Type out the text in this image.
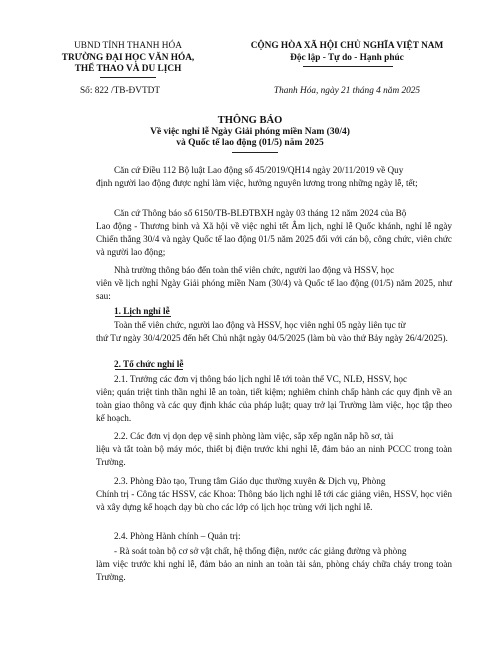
UBND TỈNH THANH HÓA
TRƯỜNG ĐẠI HỌC VĂN HÓA,
THỂ THAO VÀ DU LỊCH
Số: 822 /TB-ĐVTDT
CỘNG HÒA XÃ HỘI CHỦ NGHĨA VIỆT NAM
Độc lập - Tự do - Hạnh phúc
Thanh Hóa, ngày 21 tháng 4 năm 2025
THÔNG BÁO
Về việc nghỉ lễ Ngày Giải phóng miền Nam (30/4)
và Quốc tế lao động (01/5) năm 2025
Căn cứ Điều 112 Bộ luật Lao động số 45/2019/QH14 ngày 20/11/2019 về Quy
định người lao động được nghỉ làm việc, hưởng nguyên lương trong những ngày lễ, tết;
Căn cứ Thông báo số 6150/TB-BLĐTBXH ngày 03 tháng 12 năm 2024 của Bộ
Lao động - Thương binh và Xã hội về việc nghỉ tết Âm lịch, nghỉ lễ Quốc khánh, nghỉ lễ ngày Chiến thắng 30/4 và ngày Quốc tế lao động 01/5 năm 2025 đối với cán bộ, công chức, viên chức và người lao động;
Nhà trường thông báo đến toàn thể viên chức, người lao động và HSSV, học
viên về lịch nghỉ Ngày Giải phóng miền Nam (30/4) và Quốc tế lao động (01/5) năm 2025, như sau:
1. Lịch nghỉ lễ
Toàn thể viên chức, người lao động và HSSV, học viên nghỉ 05 ngày liên tục từ
thứ Tư ngày 30/4/2025 đến hết Chủ nhật ngày 04/5/2025 (làm bù vào thứ Bảy ngày 26/4/2025).
2. Tổ chức nghỉ lễ
2.1. Trưởng các đơn vị thông báo lịch nghỉ lễ tới toàn thể VC, NLĐ, HSSV, học
viên; quán triệt tinh thần nghỉ lễ an toàn, tiết kiệm; nghiêm chỉnh chấp hành các quy định về an toàn giao thông và các quy định khác của pháp luật; quay trở lại Trường làm việc, học tập theo kế hoạch.
2.2. Các đơn vị dọn dẹp vệ sinh phòng làm việc, sắp xếp ngăn nắp hồ sơ, tài
liệu và tắt toàn bộ máy móc, thiết bị điện trước khi nghỉ lễ, đảm bảo an ninh PCCC trong toàn Trường.
2.3. Phòng Đào tạo, Trung tâm Giáo dục thường xuyên & Dịch vụ, Phòng
Chính trị - Công tác HSSV, các Khoa: Thông báo lịch nghỉ lễ tới các giảng viên, HSSV, học viên và xây dựng kế hoạch dạy bù cho các lớp có lịch học trùng với lịch nghỉ lễ.
2.4. Phòng Hành chính – Quản trị:
- Rà soát toàn bộ cơ sở vật chất, hệ thống điện, nước các giảng đường và phòng
làm việc trước khi nghỉ lễ, đảm bảo an ninh an toàn tài sản, phòng cháy chữa cháy trong toàn Trường.
